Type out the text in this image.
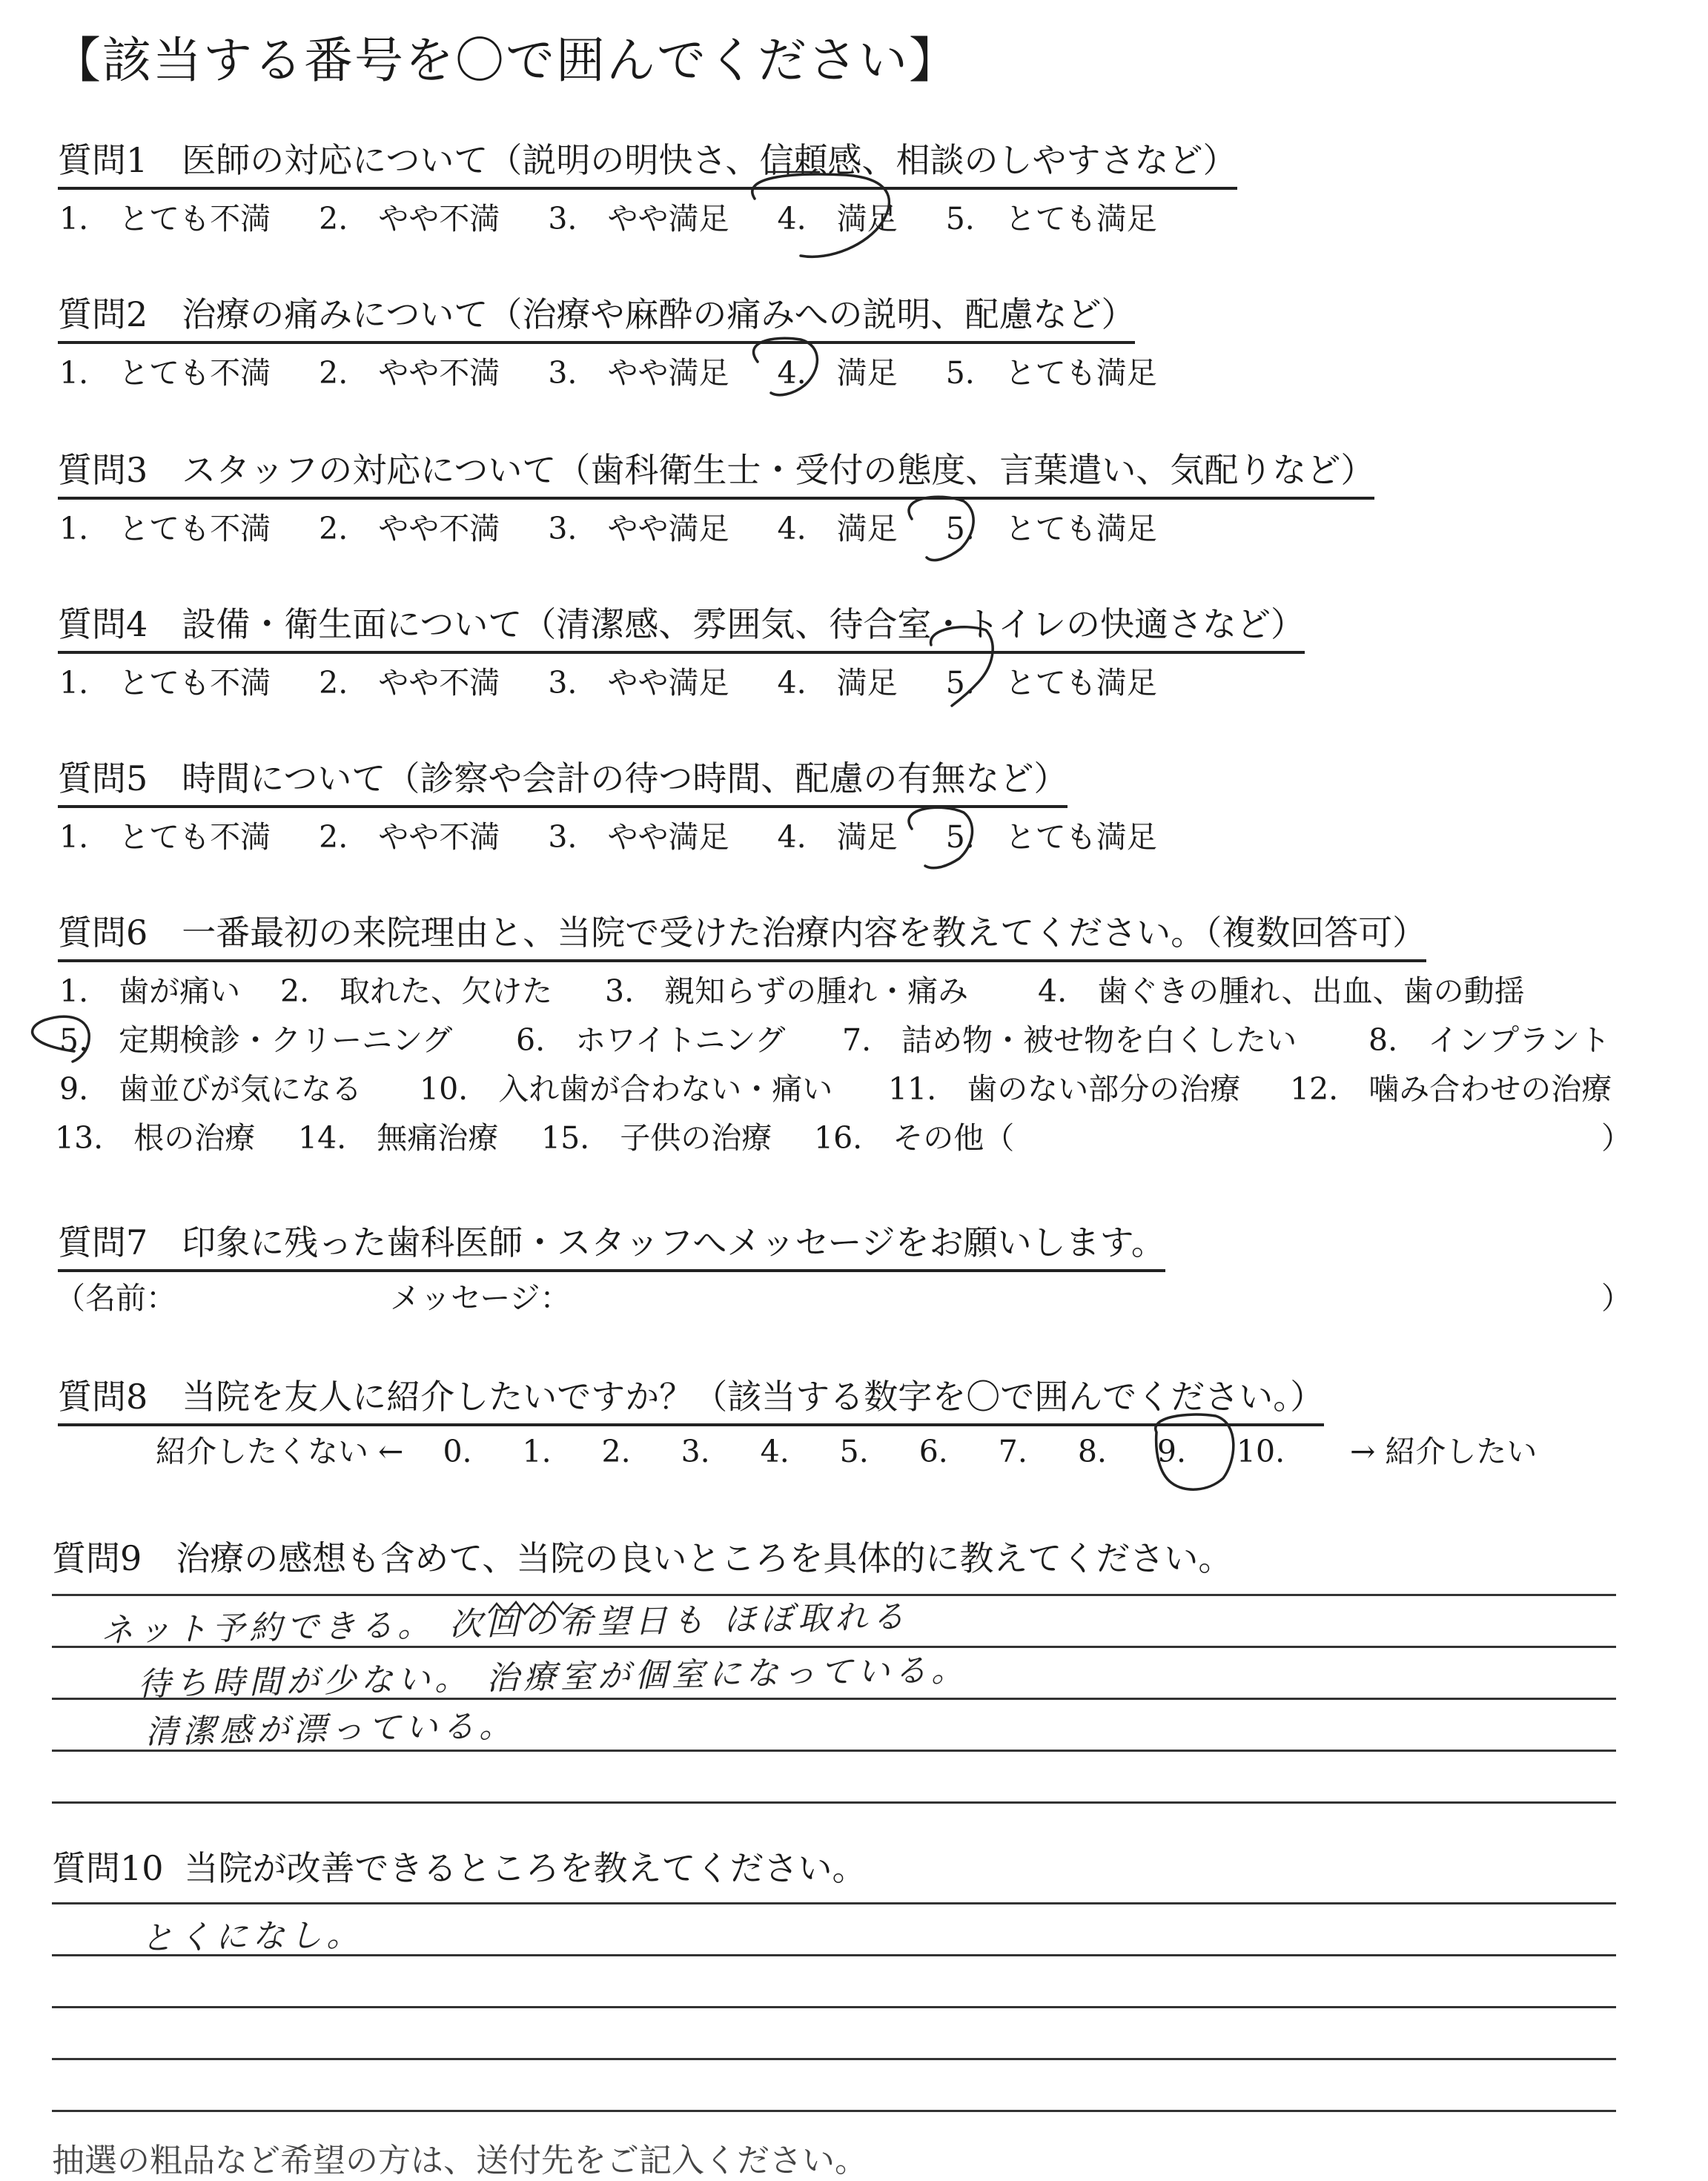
【該当する番号を〇で囲んでください】
質問1 医師の対応について（説明の明快さ、信頼感、相談のしやすさなど）
1.　とても不満 2.　やや不満 3.　やや満足 4.　満足 5.　とても満足
質問2 治療の痛みについて（治療や麻酔の痛みへの説明、配慮など）
1.　とても不満 2.　やや不満 3.　やや満足 4.　満足 5.　とても満足
質問3 スタッフの対応について（歯科衛生士・受付の態度、言葉遣い、気配りなど）
1.　とても不満 2.　やや不満 3.　やや満足 4.　満足 5.　とても満足
質問4 設備・衛生面について（清潔感、雰囲気、待合室・トイレの快適さなど）
1.　とても不満 2.　やや不満 3.　やや満足 4.　満足 5.　とても満足
質問5 時間について（診察や会計の待つ時間、配慮の有無など）
1.　とても不満 2.　やや不満 3.　やや満足 4.　満足 5.　とても満足
質問6 一番最初の来院理由と、当院で受けた治療内容を教えてください。（複数回答可）
1.　歯が痛い 2.　取れた、欠けた 3.　親知らずの腫れ・痛み 4.　歯ぐきの腫れ、出血、歯の動揺
5.　定期検診・クリーニング 6.　ホワイトニング 7.　詰め物・被せ物を白くしたい 8.　インプラント
9.　歯並びが気になる 10.　入れ歯が合わない・痛い 11.　歯のない部分の治療 12.　噛み合わせの治療
13.　根の治療 14.　無痛治療 15.　子供の治療 16.　その他（	）
質問7 印象に残った歯科医師・スタッフへメッセージをお願いします。
（名前：	メッセージ：	）
質問8 当院を友人に紹介したいですか？（該当する数字を〇で囲んでください。）
紹介したくない ← 0. 1. 2. 3. 4. 5. 6. 7. 8. 9. 10. → 紹介したい
質問9 治療の感想も含めて、当院の良いところを具体的に教えてください。
ネット予約できる。 次回の希望日も ほぼ取れる
待ち時間が少ない。 治療室が個室になっている。
清潔感が漂っている。
質問10 当院が改善できるところを教えてください。
とくになし。
抽選の粗品など希望の方は、送付先をご記入ください。
